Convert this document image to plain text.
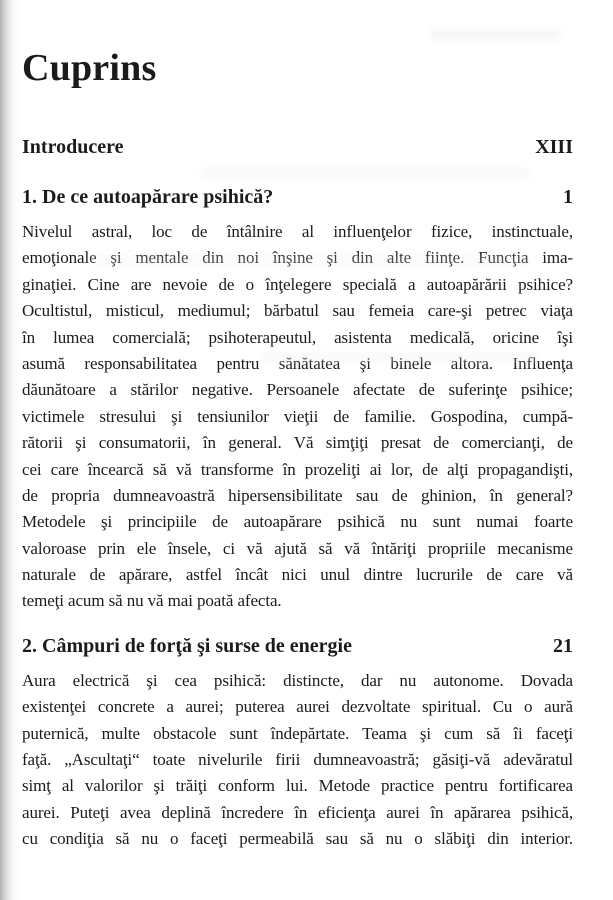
Cuprins
Introducere	XIII
1. De ce autoapărare psihică?	1
Nivelul astral, loc de întâlnire al influenţelor fizice, instinctuale,
emoţionale şi mentale din noi înşine şi din alte fiinţe. Funcţia ima-
ginaţiei. Cine are nevoie de o înţelegere specială a autoapărării psihice?
Ocultistul, misticul, mediumul; bărbatul sau femeia care-şi petrec viaţa
în lumea comercială; psihoterapeutul, asistenta medicală, oricine îşi
asumă responsabilitatea pentru sănătatea şi binele altora. Influenţa
dăunătoare a stărilor negative. Persoanele afectate de suferinţe psihice;
victimele stresului şi tensiunilor vieţii de familie. Gospodina, cumpă-
rătorii şi consumatorii, în general. Vă simţiţi presat de comercianţi, de
cei care încearcă să vă transforme în prozeliţi ai lor, de alţi propagandişti,
de propria dumneavoastră hipersensibilitate sau de ghinion, în general?
Metodele şi principiile de autoapărare psihică nu sunt numai foarte
valoroase prin ele însele, ci vă ajută să vă întăriţi propriile mecanisme
naturale de apărare, astfel încât nici unul dintre lucrurile de care vă
temeţi acum să nu vă mai poată afecta.
2. Câmpuri de forţă şi surse de energie	21
Aura electrică şi cea psihică: distincte, dar nu autonome. Dovada
existenţei concrete a aurei; puterea aurei dezvoltate spiritual. Cu o aură
puternică, multe obstacole sunt îndepărtate. Teama şi cum să îi faceţi
faţă. „Ascultaţi“ toate nivelurile firii dumneavoastră; găsiţi-vă adevăratul
simţ al valorilor şi trăiţi conform lui. Metode practice pentru fortificarea
aurei. Puteţi avea deplină încredere în eficienţa aurei în apărarea psihică,
cu condiţia să nu o faceţi permeabilă sau să nu o slăbiţi din interior.
